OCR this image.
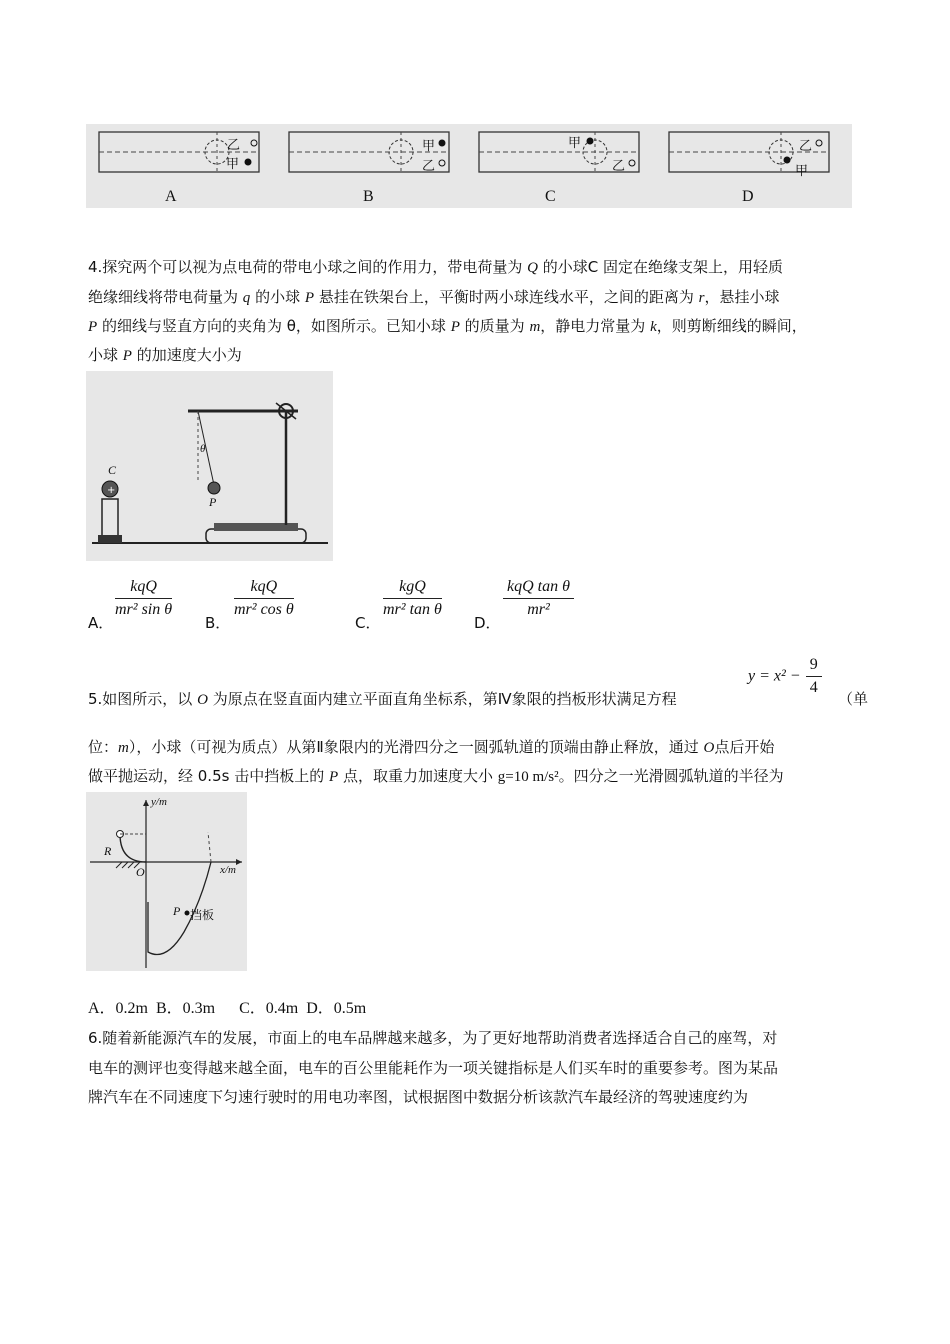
乙
甲
甲
乙
甲
乙
乙
甲
A	B	C	D
4.探究两个可以视为点电荷的带电小球之间的作用力，带电荷量为 Q 的小球C 固定在绝缘支架上，用轻质
绝缘细线将带电荷量为 q 的小球 P 悬挂在铁架台上，平衡时两小球连线水平，之间的距离为 r，悬挂小球
P 的细线与竖直方向的夹角为 θ，如图所示。已知小球 P 的质量为 m，静电力常量为 k，则剪断细线的瞬间，
小球 P 的加速度大小为
+
C
θ
P
kqQ
mr² sin θ
A．
kqQ
mr² cos θ
B．
kgQ
mr² tan θ
C．
kqQ tan θ
mr²
D．
$y = x^2 - \frac{9}{4}$
5.如图所示，以 O 为原点在竖直面内建立平面直角坐标系，第Ⅳ象限的挡板形状满足方程	（单
位：m），小球（可视为质点）从第Ⅱ象限内的光滑四分之一圆弧轨道的顶端由静止释放，通过 O点后开始
做平抛运动，经 0.5s 击中挡板上的 P 点，取重力加速度大小 g=10 m/s²。四分之一光滑圆弧轨道的半径为
y/m
x/m
R
O
P 挡板
A．0.2m  B．0.3m      C．0.4m  D．0.5m
6.随着新能源汽车的发展，市面上的电车品牌越来越多，为了更好地帮助消费者选择适合自己的座驾，对
电车的测评也变得越来越全面，电车的百公里能耗作为一项关键指标是人们买车时的重要参考。图为某品
牌汽车在不同速度下匀速行驶时的用电功率图，试根据图中数据分析该款汽车最经济的驾驶速度约为
